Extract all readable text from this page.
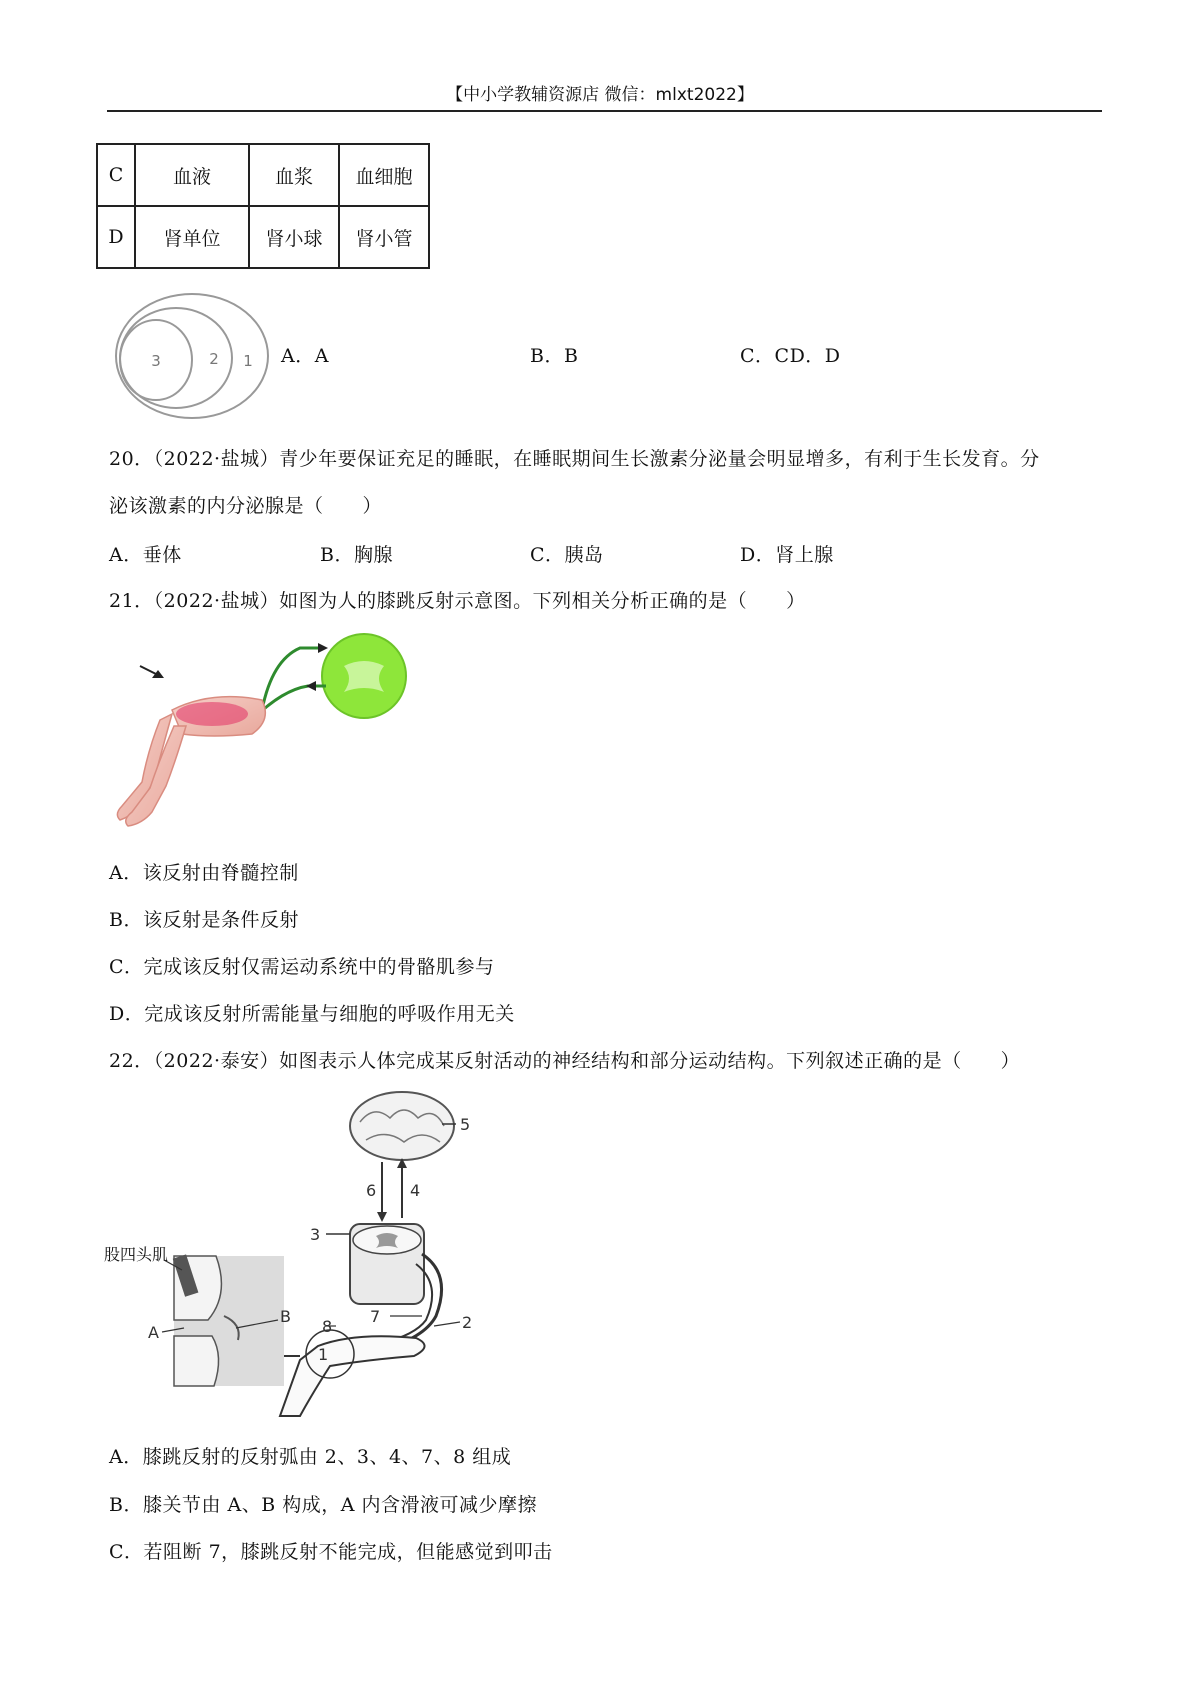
【中小学教辅资源店 微信：mlxt2022】
C	血液	血浆	血细胞
D	肾单位	肾小球	肾小管
3	2 1 A．A	B．B	C．CD．D
20．（2022·盐城）青少年要保证充足的睡眠，在睡眠期间生长激素分泌量会明显增多，有利于生长发育。分
泌该激素的内分泌腺是（　　）
A．垂体	B．胸腺	C．胰岛	D．肾上腺
21．（2022·盐城）如图为人的膝跳反射示意图。下列相关分析正确的是（　　）
A．该反射由脊髓控制
B．该反射是条件反射
C．完成该反射仅需运动系统中的骨骼肌参与
D．完成该反射所需能量与细胞的呼吸作用无关
22．（2022·泰安）如图表示人体完成某反射活动的神经结构和部分运动结构。下列叙述正确的是（　　）
5
6 4
3
7
8	2
1
股四头肌
A
B
A．膝跳反射的反射弧由 2、3、4、7、8 组成
B．膝关节由 A、B 构成，A 内含滑液可减少摩擦
C．若阻断 7，膝跳反射不能完成，但能感觉到叩击
